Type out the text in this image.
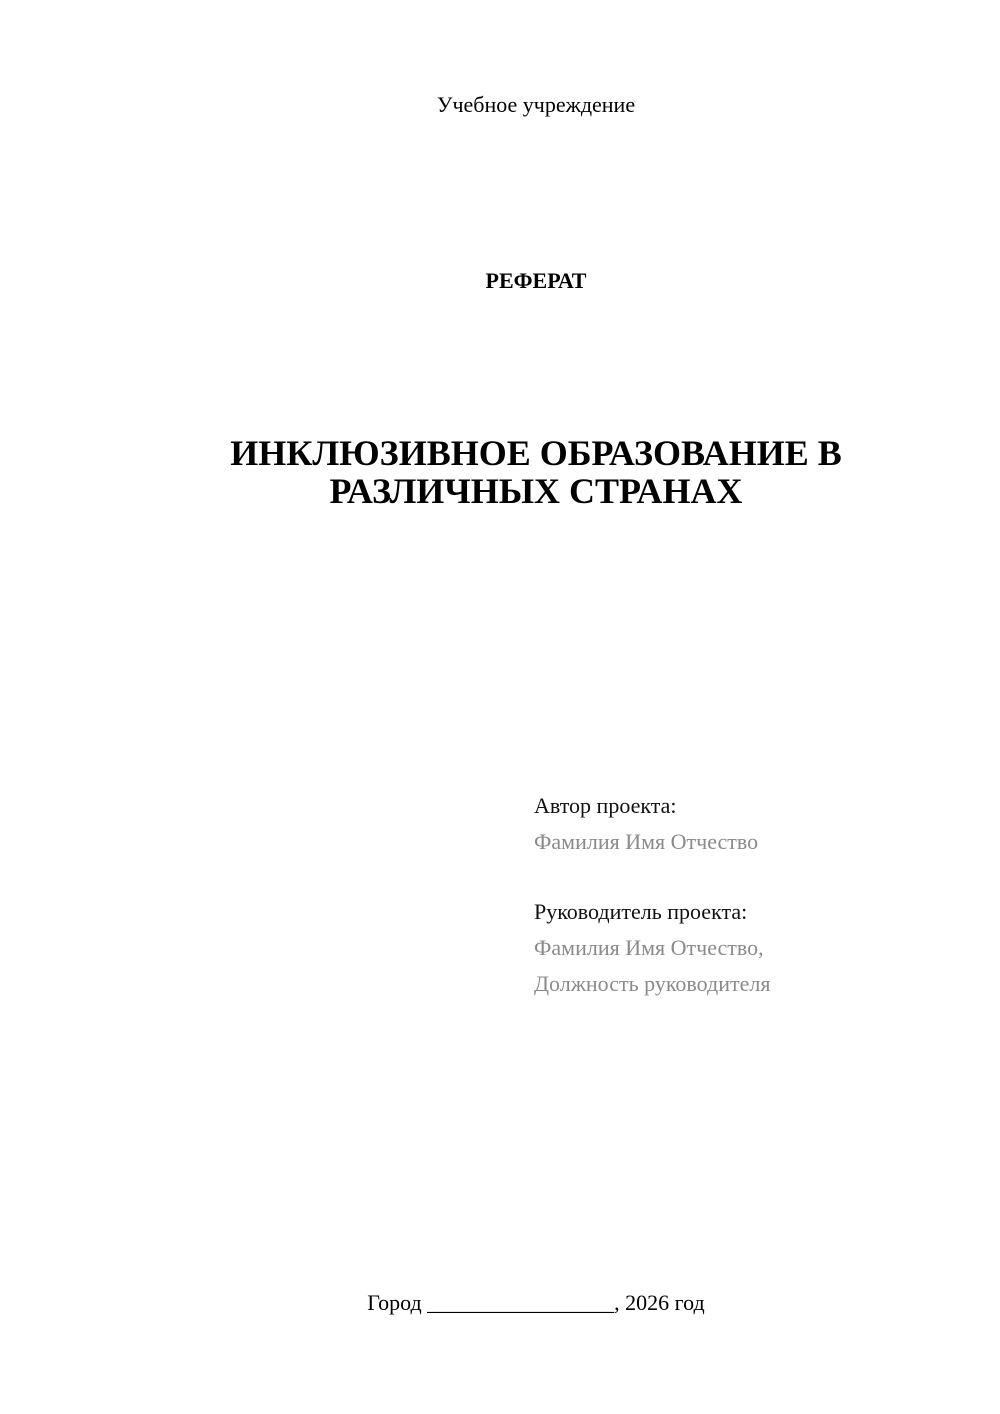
Учебное учреждение
РЕФЕРАТ
ИНКЛЮЗИВНОЕ ОБРАЗОВАНИЕ В
РАЗЛИЧНЫХ СТРАНАХ
Автор проекта:
Фамилия Имя Отчество
Руководитель проекта:
Фамилия Имя Отчество,
Должность руководителя
Город _________________, 2026 год
